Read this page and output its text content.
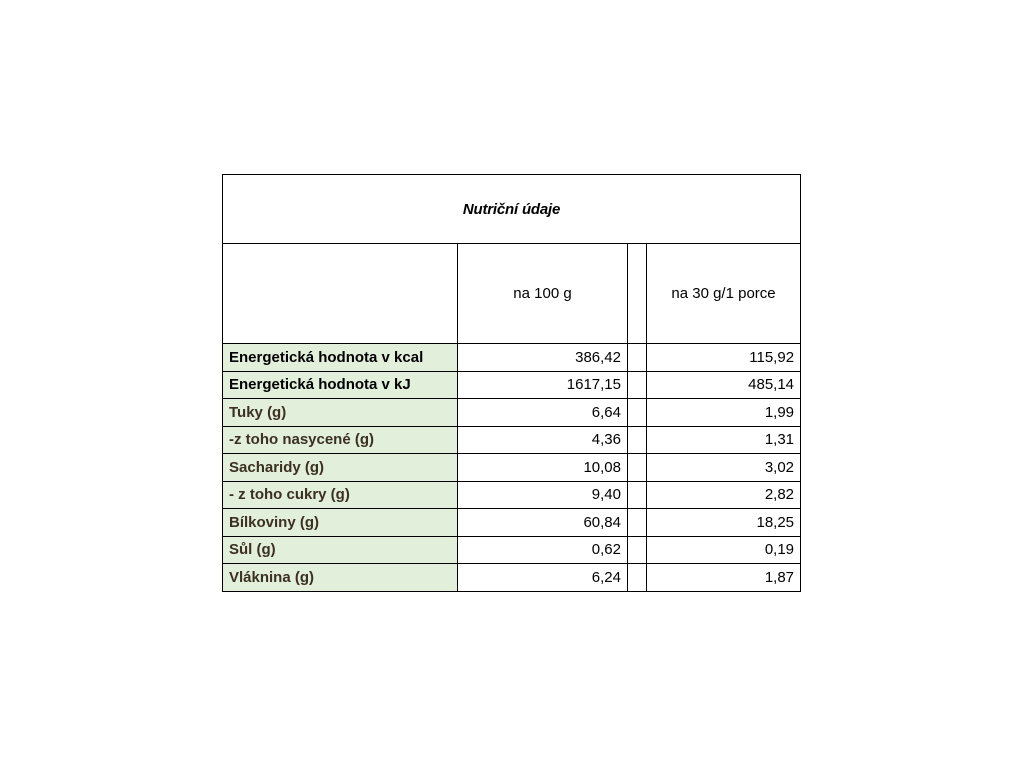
Nutriční údaje			
	na 100 g		na 30 g/1 porce
Energetická hodnota v kcal	386,42		115,92
Energetická hodnota v kJ	1617,15		485,14
Tuky (g)	6,64		1,99
-z toho nasycené (g)	4,36		1,31
Sacharidy (g)	10,08		3,02
- z toho cukry (g)	9,40		2,82
Bílkoviny (g)	60,84		18,25
Sůl (g)	0,62		0,19
Vláknina (g)	6,24		1,87
